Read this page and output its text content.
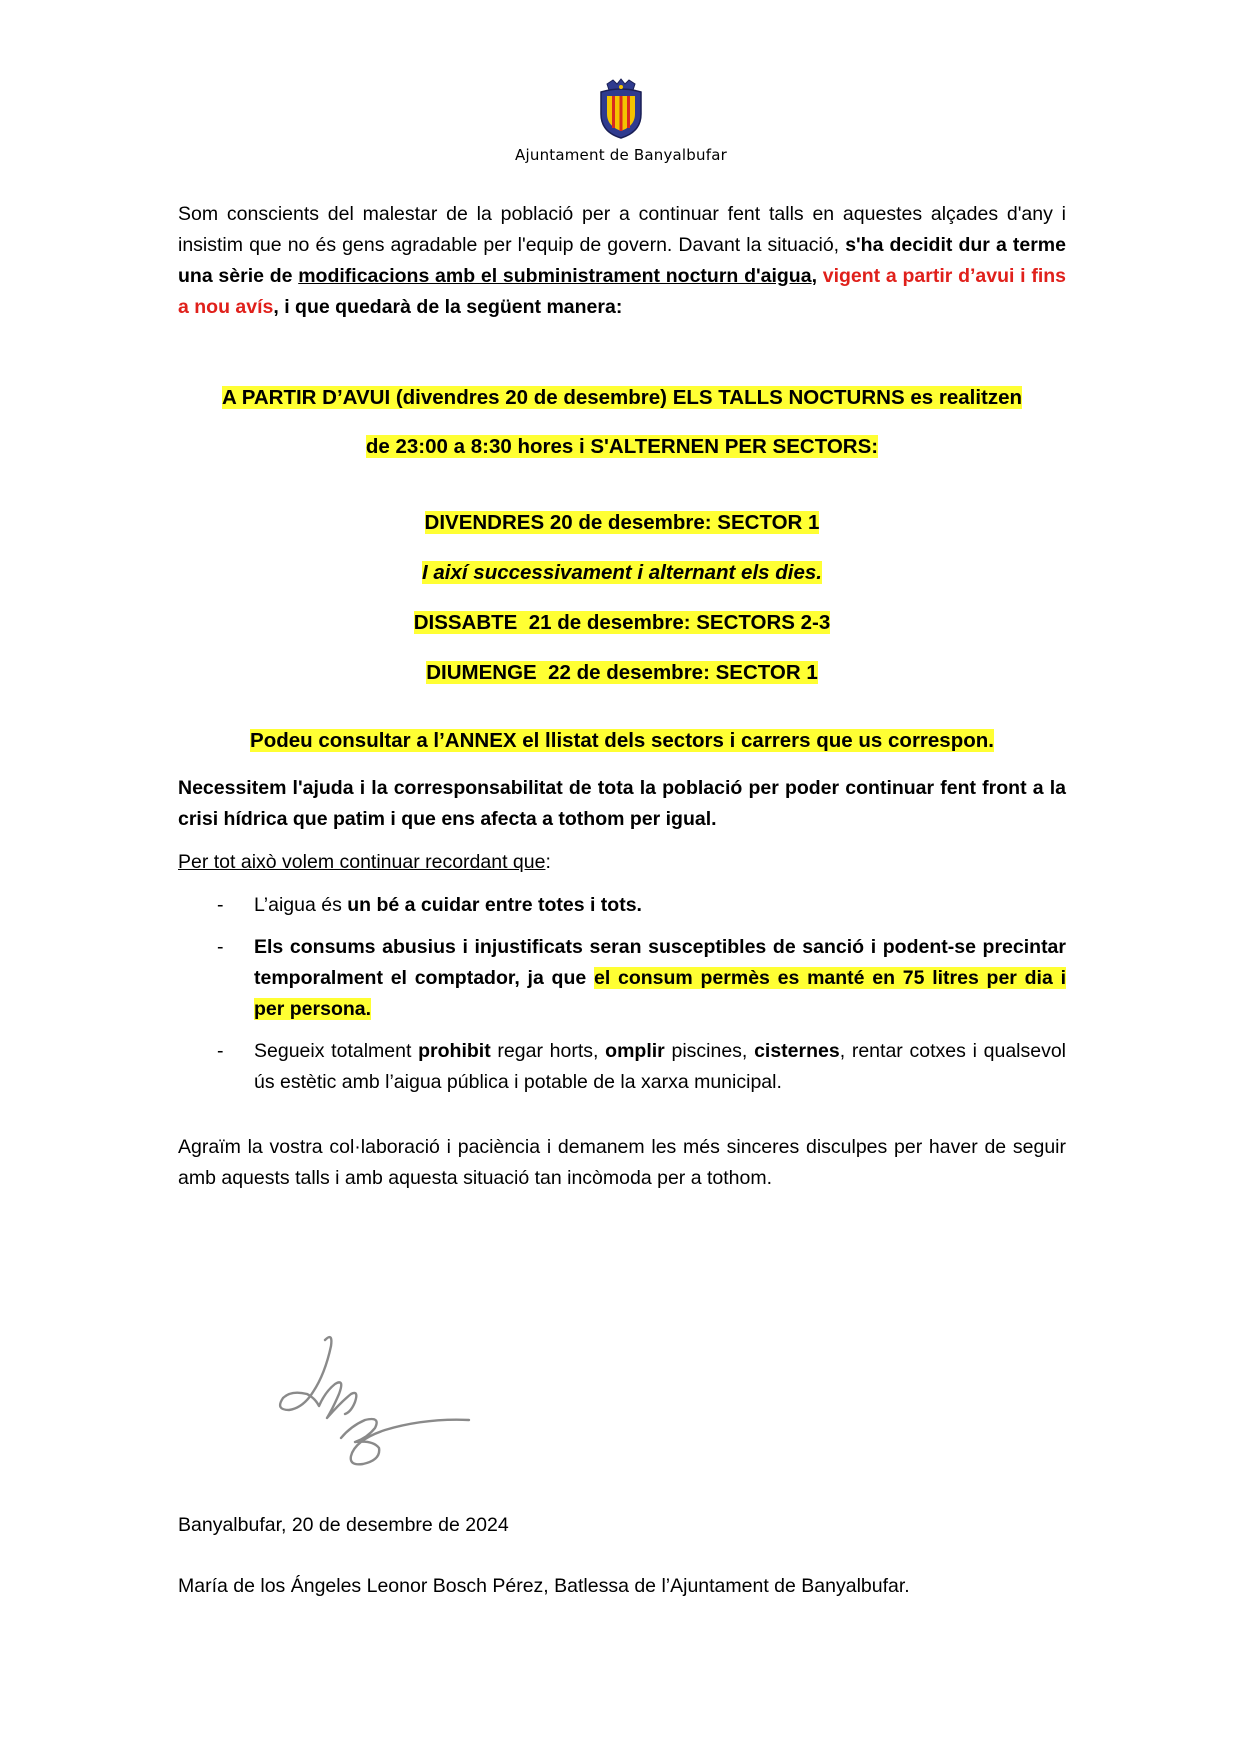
Ajuntament de Banyalbufar

Som conscients del malestar de la població per a continuar fent talls en aquestes alçades d'any i insistim que no és gens agradable per l'equip de govern. Davant la situació, s'ha decidit dur a terme una sèrie de modificacions amb el subministrament nocturn d'aigua, vigent a partir d’avui i fins a nou avís, i que quedarà de la següent manera:

A PARTIR D’AVUI (divendres 20 de desembre) ELS TALLS NOCTURNS es realitzen

de 23:00 a 8:30 hores i S'ALTERNEN PER SECTORS:

DIVENDRES 20 de desembre: SECTOR 1

I així successivament i alternant els dies.

DISSABTE  21 de desembre: SECTORS 2-3

DIUMENGE  22 de desembre: SECTOR 1

Podeu consultar a l’ANNEX el llistat dels sectors i carrers que us correspon.

Necessitem l'ajuda i la corresponsabilitat de tota la població per poder continuar fent front a la crisi hídrica que patim i que ens afecta a tothom per igual.

Per tot això volem continuar recordant que:

- L’aigua és un bé a cuidar entre totes i tots.
- Els consums abusius i injustificats seran susceptibles de sanció i podent-se precintar temporalment el comptador, ja que el consum permès es manté en 75 litres per dia i per persona.
- Segueix totalment prohibit regar horts, omplir piscines, cisternes, rentar cotxes i qualsevol ús estètic amb l’aigua pública i potable de la xarxa municipal.

Agraïm la vostra col·laboració i paciència i demanem les més sinceres disculpes per haver de seguir amb aquests talls i amb aquesta situació tan incòmoda per a tothom.

Banyalbufar, 20 de desembre de 2024
María de los Ángeles Leonor Bosch Pérez, Batlessa de l’Ajuntament de Banyalbufar.
